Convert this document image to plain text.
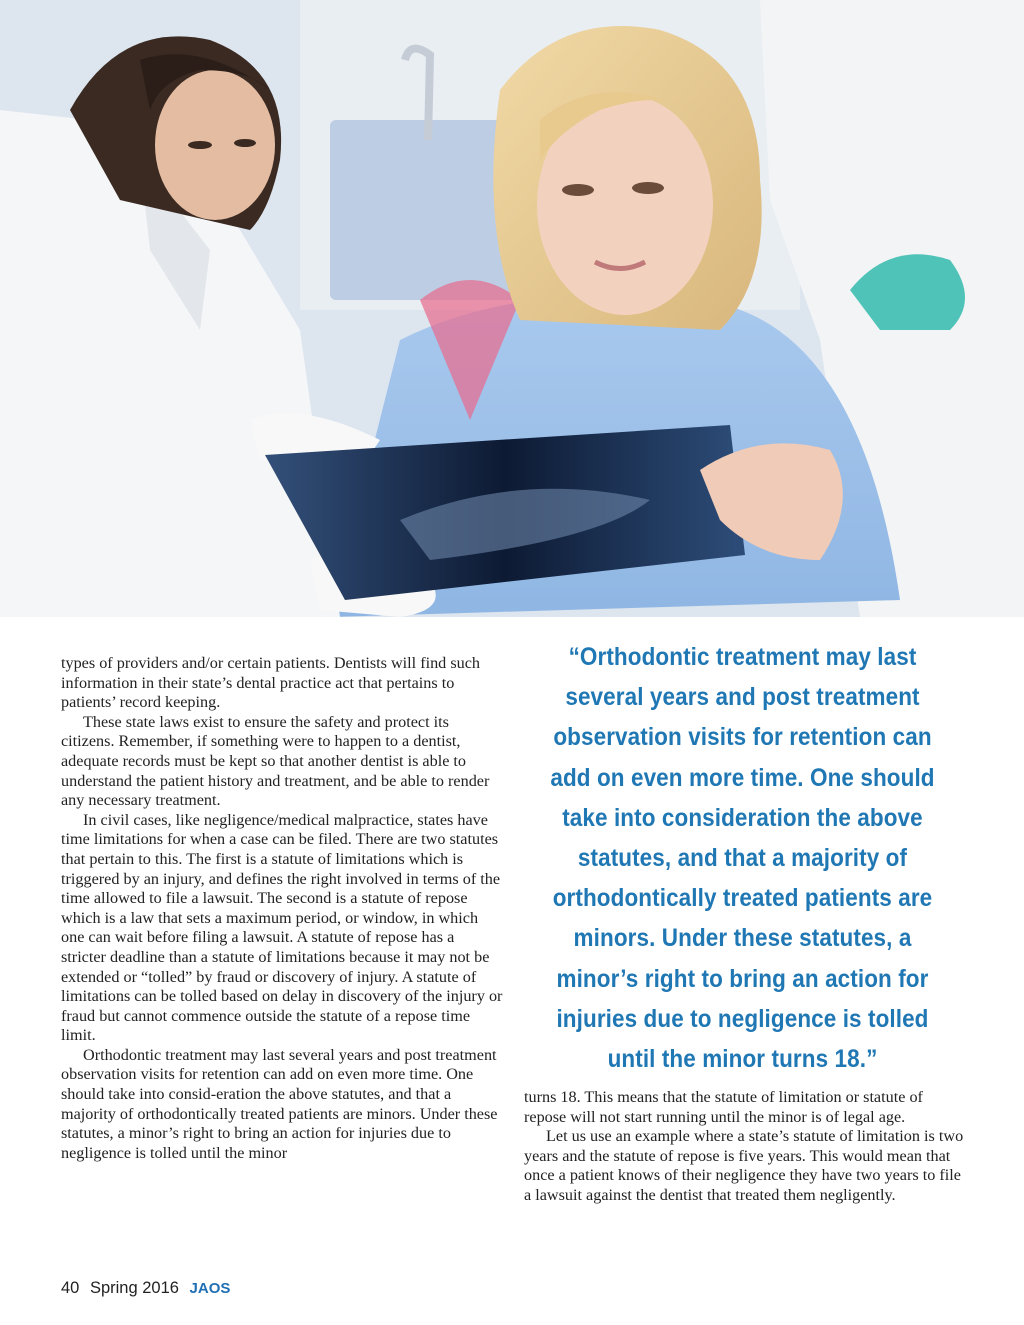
types of providers and/or certain patients. Dentists will find such information in their state’s dental practice act that pertains to patients’ record keeping.

These state laws exist to ensure the safety and protect its citizens. Remember, if something were to happen to a dentist, adequate records must be kept so that another dentist is able to understand the patient history and treatment, and be able to render any necessary treatment.

In civil cases, like negligence/medical malpractice, states have time limitations for when a case can be filed. There are two statutes that pertain to this. The first is a statute of limitations which is triggered by an injury, and defines the right involved in terms of the time allowed to file a lawsuit. The second is a statute of repose which is a law that sets a maximum period, or window, in which one can wait before filing a lawsuit. A statute of repose has a stricter deadline than a statute of limitations because it may not be extended or “tolled” by fraud or discovery of injury. A statute of limitations can be tolled based on delay in discovery of the injury or fraud but cannot commence outside the statute of a repose time limit.

Orthodontic treatment may last several years and post treatment observation visits for retention can add on even more time. One should take into consid-eration the above statutes, and that a majority of orthodontically treated patients are minors. Under these statutes, a minor’s right to bring an action for injuries due to negligence is tolled until the minor

“Orthodontic treatment may last several years and post treatment observation visits for retention can add on even more time. One should take into consideration the above statutes, and that a majority of orthodontically treated patients are minors. Under these statutes, a minor’s right to bring an action for injuries due to negligence is tolled until the minor turns 18.”

turns 18. This means that the statute of limitation or statute of repose will not start running until the minor is of legal age.

Let us use an example where a state’s statute of limitation is two years and the statute of repose is five years. This would mean that once a patient knows of their negligence they have two years to file a lawsuit against the dentist that treated them negligently.

40 Spring 2016 JAOS
